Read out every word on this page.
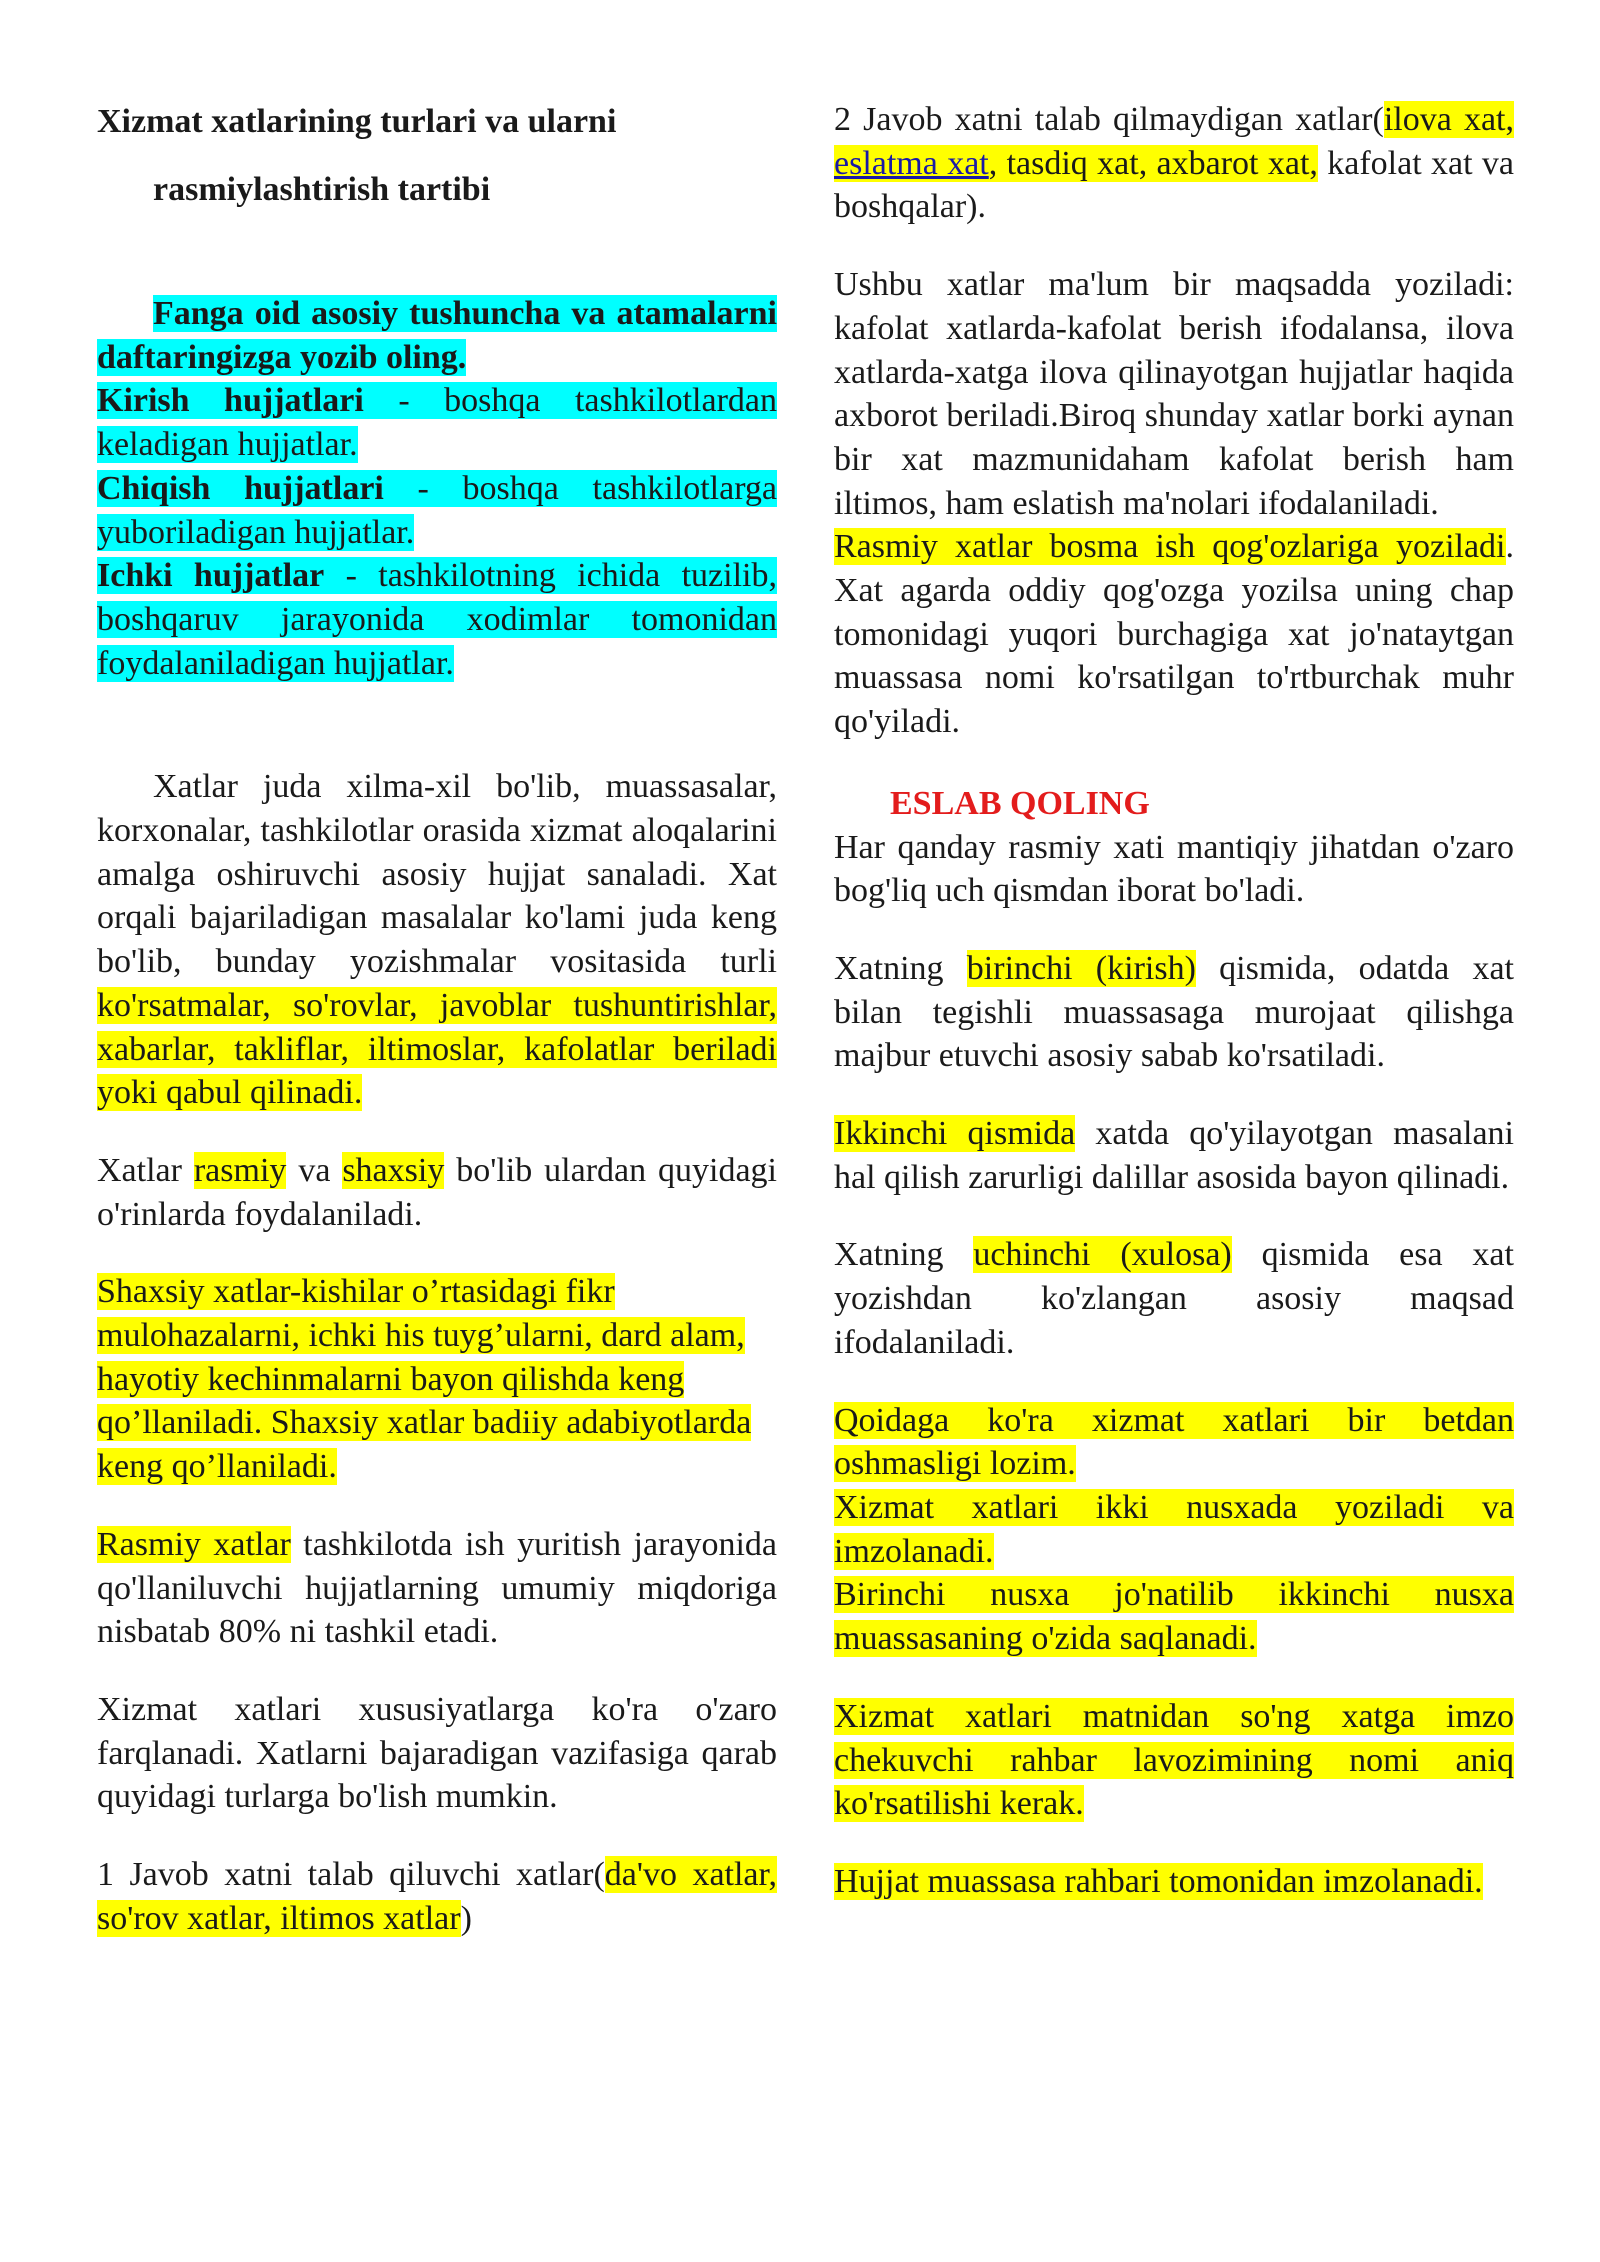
Xizmat xatlarining turlari va ularni
rasmiylashtirish tartibi

Fanga oid asosiy tushuncha va atamalarni daftaringizga yozib oling.
Kirish hujjatlari - boshqa tashkilotlardan keladigan hujjatlar.
Chiqish hujjatlari - boshqa tashkilotlarga yuboriladigan hujjatlar.
Ichki hujjatlar - tashkilotning ichida tuzilib, boshqaruv jarayonida xodimlar tomonidan foydalaniladigan hujjatlar.

Xatlar juda xilma-xil bo'lib, muassasalar, korxonalar, tashkilotlar orasida xizmat aloqalarini amalga oshiruvchi asosiy hujjat sanaladi. Xat orqali bajariladigan masalalar ko'lami juda keng bo'lib, bunday yozishmalar vositasida turli ko'rsatmalar, so'rovlar, javoblar tushuntirishlar, xabarlar, takliflar, iltimoslar, kafolatlar beriladi yoki qabul qilinadi.

Xatlar rasmiy va shaxsiy bo'lib ulardan quyidagi o'rinlarda foydalaniladi.

Shaxsiy xatlar-kishilar o’rtasidagi fikr mulohazalarni, ichki his tuyg’ularni, dard alam, hayotiy kechinmalarni bayon qilishda keng qo’llaniladi. Shaxsiy xatlar badiiy adabiyotlarda keng qo’llaniladi.

Rasmiy xatlar tashkilotda ish yuritish jarayonida qo'llaniluvchi hujjatlarning umumiy miqdoriga nisbatab 80% ni tashkil etadi.

Xizmat xatlari xususiyatlarga ko'ra o'zaro farqlanadi. Xatlarni bajaradigan vazifasiga qarab quyidagi turlarga bo'lish mumkin.

1 Javob xatni talab qiluvchi xatlar(da'vo xatlar, so'rov xatlar, iltimos xatlar)

2 Javob xatni talab qilmaydigan xatlar(ilova xat, eslatma xat, tasdiq xat, axbarot xat, kafolat xat va boshqalar).

Ushbu xatlar ma'lum bir maqsadda yoziladi: kafolat xatlarda-kafolat berish ifodalansa, ilova xatlarda-xatga ilova qilinayotgan hujjatlar haqida axborot beriladi.Biroq shunday xatlar borki aynan bir xat mazmunidaham kafolat berish ham iltimos, ham eslatish ma'nolari ifodalaniladi.
Rasmiy xatlar bosma ish qog'ozlariga yoziladi. Xat agarda oddiy qog'ozga yozilsa uning chap tomonidagi yuqori burchagiga xat jo'nataytgan muassasa nomi ko'rsatilgan to'rtburchak muhr qo'yiladi.

ESLAB QOLING

Har qanday rasmiy xati mantiqiy jihatdan o'zaro bog'liq uch qismdan iborat bo'ladi.

Xatning birinchi (kirish) qismida, odatda xat bilan tegishli muassasaga murojaat qilishga majbur etuvchi asosiy sabab ko'rsatiladi.

Ikkinchi qismida xatda qo'yilayotgan masalani hal qilish zarurligi dalillar asosida bayon qilinadi.

Xatning uchinchi (xulosa) qismida esa xat yozishdan ko'zlangan asosiy maqsad ifodalaniladi.

Qoidaga ko'ra xizmat xatlari bir betdan oshmasligi lozim.
Xizmat xatlari ikki nusxada yoziladi va imzolanadi.
Birinchi nusxa jo'natilib ikkinchi nusxa muassasaning o'zida saqlanadi.

Xizmat xatlari matnidan so'ng xatga imzo chekuvchi rahbar lavozimining nomi aniq ko'rsatilishi kerak.

Hujjat muassasa rahbari tomonidan imzolanadi.
